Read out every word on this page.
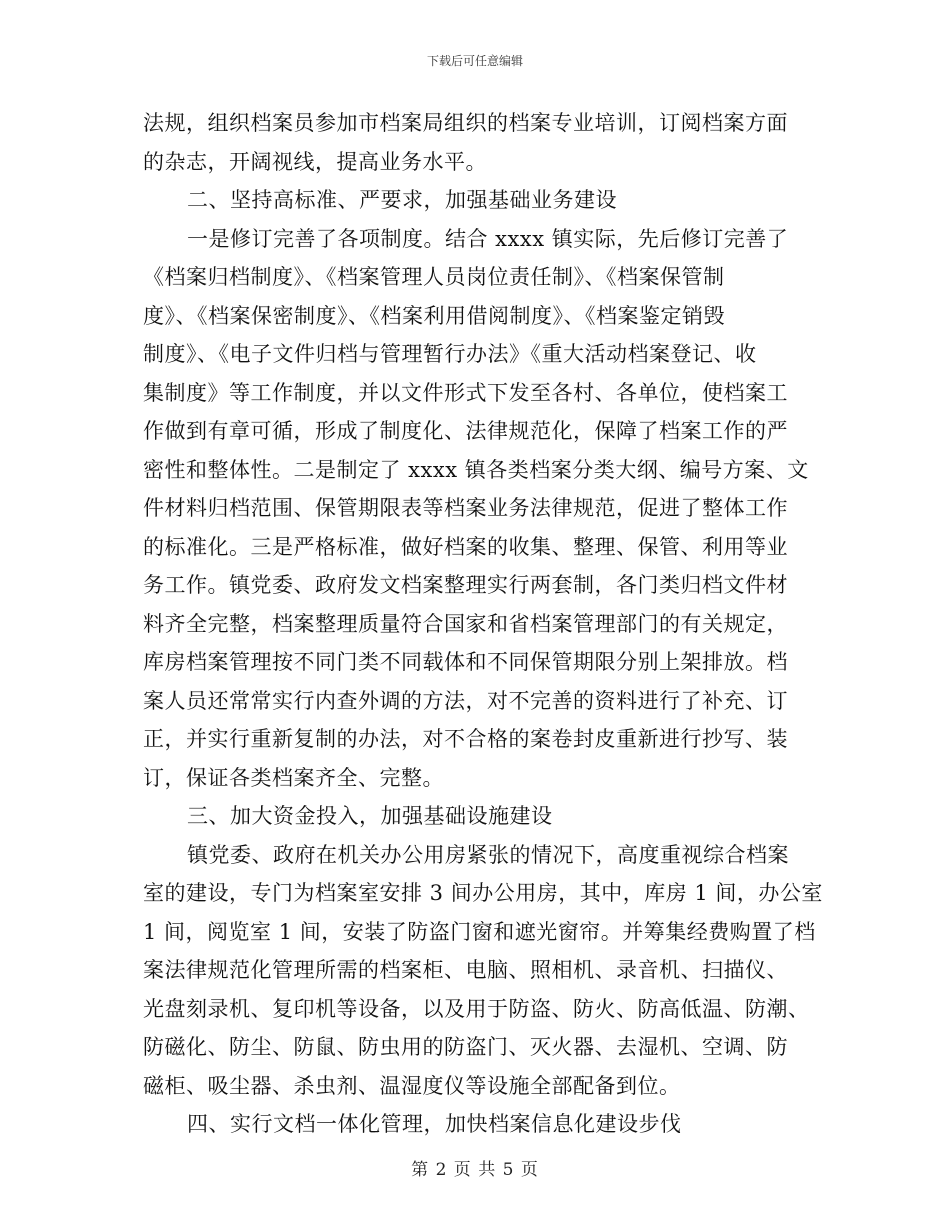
下载后可任意编辑
法规，组织档案员参加市档案局组织的档案专业培训，订阅档案方面
的杂志，开阔视线，提高业务水平。
二、坚持高标准、严要求，加强基础业务建设
一是修订完善了各项制度。结合 xxxx 镇实际，先后修订完善了
《档案归档制度》、《档案管理人员岗位责任制》、《档案保管制
度》、《档案保密制度》、《档案利用借阅制度》、《档案鉴定销毁
制度》、《电子文件归档与管理暂行办法》《重大活动档案登记、收
集制度》等工作制度，并以文件形式下发至各村、各单位，使档案工
作做到有章可循，形成了制度化、法律规范化，保障了档案工作的严
密性和整体性。二是制定了 xxxx 镇各类档案分类大纲、编号方案、文
件材料归档范围、保管期限表等档案业务法律规范，促进了整体工作
的标准化。三是严格标准，做好档案的收集、整理、保管、利用等业
务工作。镇党委、政府发文档案整理实行两套制，各门类归档文件材
料齐全完整，档案整理质量符合国家和省档案管理部门的有关规定，
库房档案管理按不同门类不同载体和不同保管期限分别上架排放。档
案人员还常常实行内查外调的方法，对不完善的资料进行了补充、订
正，并实行重新复制的办法，对不合格的案卷封皮重新进行抄写、装
订，保证各类档案齐全、完整。
三、加大资金投入，加强基础设施建设
镇党委、政府在机关办公用房紧张的情况下，高度重视综合档案
室的建设，专门为档案室安排 3 间办公用房，其中，库房 1 间，办公室
1 间，阅览室 1 间，安装了防盗门窗和遮光窗帘。并筹集经费购置了档
案法律规范化管理所需的档案柜、电脑、照相机、录音机、扫描仪、
光盘刻录机、复印机等设备，以及用于防盗、防火、防高低温、防潮、
防磁化、防尘、防鼠、防虫用的防盗门、灭火器、去湿机、空调、防
磁柜、吸尘器、杀虫剂、温湿度仪等设施全部配备到位。
四、实行文档一体化管理，加快档案信息化建设步伐
第 2 页 共 5 页
